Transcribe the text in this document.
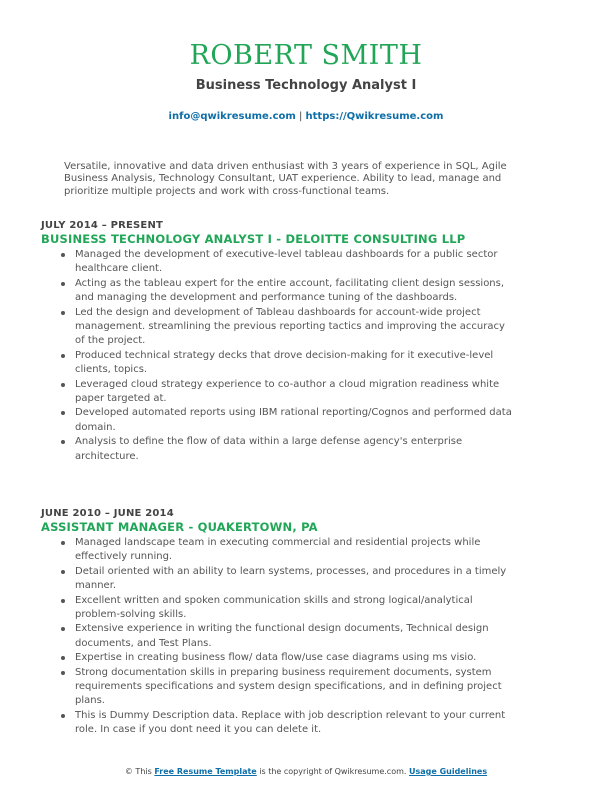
ROBERT SMITH
Business Technology Analyst I
info@qwikresume.com | https://Qwikresume.com
Versatile, innovative and data driven enthusiast with 3 years of experience in SQL, Agile Business Analysis, Technology Consultant, UAT experience. Ability to lead, manage and prioritize multiple projects and work with cross-functional teams.
JULY 2014 – PRESENT
BUSINESS TECHNOLOGY ANALYST I - DELOITTE CONSULTING LLP
Managed the development of executive-level tableau dashboards for a public sector healthcare client.
Acting as the tableau expert for the entire account, facilitating client design sessions, and managing the development and performance tuning of the dashboards.
Led the design and development of Tableau dashboards for account-wide project management. streamlining the previous reporting tactics and improving the accuracy of the project.
Produced technical strategy decks that drove decision-making for it executive-level clients, topics.
Leveraged cloud strategy experience to co-author a cloud migration readiness white paper targeted at.
Developed automated reports using IBM rational reporting/Cognos and performed data domain.
Analysis to define the flow of data within a large defense agency's enterprise architecture.
JUNE 2010 – JUNE 2014
ASSISTANT MANAGER - QUAKERTOWN, PA
Managed landscape team in executing commercial and residential projects while effectively running.
Detail oriented with an ability to learn systems, processes, and procedures in a timely manner.
Excellent written and spoken communication skills and strong logical/analytical problem-solving skills.
Extensive experience in writing the functional design documents, Technical design documents, and Test Plans.
Expertise in creating business flow/ data flow/use case diagrams using ms visio.
Strong documentation skills in preparing business requirement documents, system requirements specifications and system design specifications, and in defining project plans.
This is Dummy Description data. Replace with job description relevant to your current role. In case if you dont need it you can delete it.
© This Free Resume Template is the copyright of Qwikresume.com. Usage Guidelines
